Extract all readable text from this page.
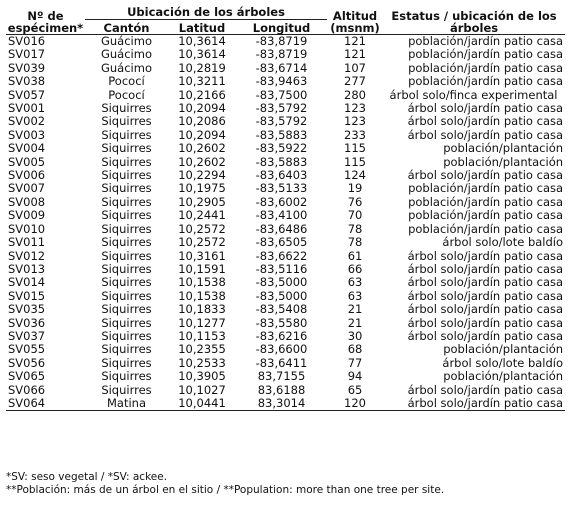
Nº de espécimen*	Ubicación de los árboles			Altitud (msnm)	Estatus / ubicación de los árboles
	Cantón	Latitud	Longitud		
SV016	Guácimo	10,3614	-83,8719	121	población/jardín patio casa
SV017	Guácimo	10,3614	-83,8719	121	población/jardín patio casa
SV039	Guácimo	10,2819	-83,6714	107	población/jardín patio casa
SV038	Pococí	10,3211	-83,9463	277	población/jardín patio casa
SV057	Pococí	10,2166	-83,7500	280	árbol solo/finca experimental
SV001	Siquirres	10,2094	-83,5792	123	árbol solo/jardín patio casa
SV002	Siquirres	10,2086	-83,5792	123	árbol solo/jardín patio casa
SV003	Siquirres	10,2094	-83,5883	233	árbol solo/jardín patio casa
SV004	Siquirres	10,2602	-83,5922	115	población/plantación
SV005	Siquirres	10,2602	-83,5883	115	población/plantación
SV006	Siquirres	10,2294	-83,6403	124	árbol solo/jardín patio casa
SV007	Siquirres	10,1975	-83,5133	19	población/jardín patio casa
SV008	Siquirres	10,2905	-83,6002	76	población/jardín patio casa
SV009	Siquirres	10,2441	-83,4100	70	población/jardín patio casa
SV010	Siquirres	10,2572	-83,6486	78	población/jardín patio casa
SV011	Siquirres	10,2572	-83,6505	78	árbol solo/lote baldío
SV012	Siquirres	10,3161	-83,6622	61	árbol solo/jardín patio casa
SV013	Siquirres	10,1591	-83,5116	66	árbol solo/jardín patio casa
SV014	Siquirres	10,1538	-83,5000	63	árbol solo/jardín patio casa
SV015	Siquirres	10,1538	-83,5000	63	árbol solo/jardín patio casa
SV035	Siquirres	10,1833	-83,5408	21	árbol solo/jardín patio casa
SV036	Siquirres	10,1277	-83,5580	21	árbol solo/jardín patio casa
SV037	Siquirres	10,1153	-83,6216	30	árbol solo/jardín patio casa
SV055	Siquirres	10,2355	-83,6600	68	población/plantación
SV056	Siquirres	10,2533	-83,6411	77	árbol solo/lote baldío
SV065	Siquirres	10,3905	83,7155	94	población/plantación
SV066	Siquirres	10,1027	83,6188	65	árbol solo/jardín patio casa
SV064	Matina	10,0441	83,3014	120	árbol solo/jardín patio casa
*SV: seso vegetal / *SV: ackee.
**Población: más de un árbol en el sitio / **Population: more than one tree per site.
